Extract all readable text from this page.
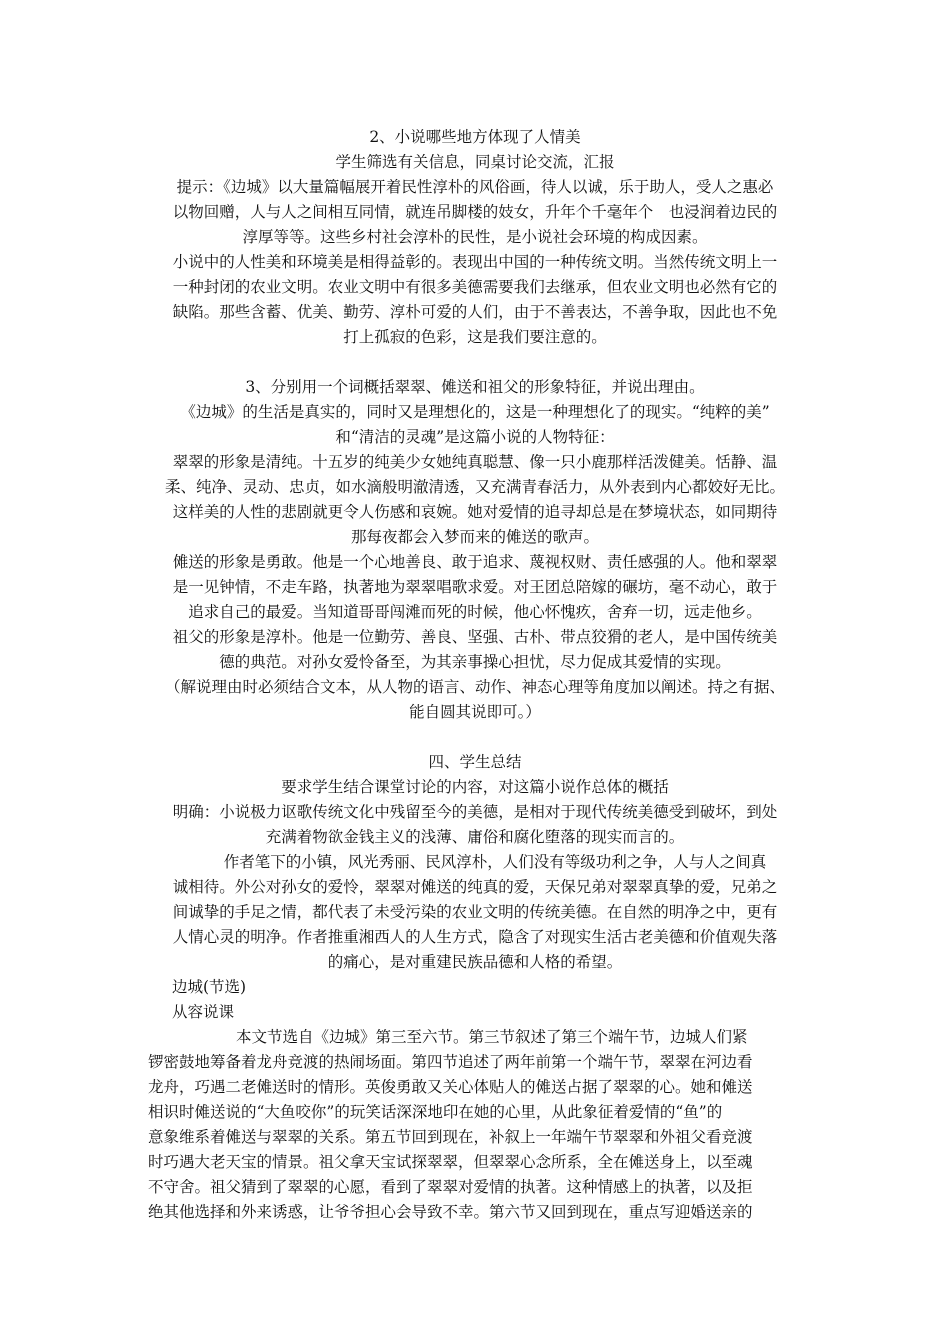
2、小说哪些地方体现了人情美

学生筛选有关信息，同桌讨论交流，汇报

提示：《边城》以大量篇幅展开着民性淳朴的风俗画，待人以诚，乐于助人，受人之惠必

以物回赠，人与人之间相互同情，就连吊脚楼的妓女，升年个千毫年个　也浸润着边民的

淳厚等等。这些乡村社会淳朴的民性，是小说社会环境的构成因素。

小说中的人性美和环境美是相得益彰的。表现出中国的一种传统文明。当然传统文明上一

一种封闭的农业文明。农业文明中有很多美德需要我们去继承，但农业文明也必然有它的

缺陷。那些含蓄、优美、勤劳、淳朴可爱的人们，由于不善表达，不善争取，因此也不免

打上孤寂的色彩，这是我们要注意的。

3、分别用一个词概括翠翠、傩送和祖父的形象特征，并说出理由。

《边城》的生活是真实的，同时又是理想化的，这是一种理想化了的现实。“纯粹的美”

和“清洁的灵魂”是这篇小说的人物特征：

翠翠的形象是清纯。十五岁的纯美少女她纯真聪慧、像一只小鹿那样活泼健美。恬静、温

柔、纯净、灵动、忠贞，如水滴般明澈清透，又充满青春活力，从外表到内心都姣好无比。

这样美的人性的悲剧就更令人伤感和哀婉。她对爱情的追寻却总是在梦境状态，如同期待

那每夜都会入梦而来的傩送的歌声。

傩送的形象是勇敢。他是一个心地善良、敢于追求、蔑视权财、责任感强的人。他和翠翠

是一见钟情，不走车路，执著地为翠翠唱歌求爱。对王团总陪嫁的碾坊，毫不动心，敢于

追求自己的最爱。当知道哥哥闯滩而死的时候，他心怀愧疚，舍弃一切，远走他乡。

祖父的形象是淳朴。他是一位勤劳、善良、坚强、古朴、带点狡猾的老人，是中国传统美

德的典范。对孙女爱怜备至，为其亲事操心担忧，尽力促成其爱情的实现。

（解说理由时必须结合文本，从人物的语言、动作、神态心理等角度加以阐述。持之有据、

能自圆其说即可。）

四、学生总结

要求学生结合课堂讨论的内容，对这篇小说作总体的概括

明确：小说极力讴歌传统文化中残留至今的美德，是相对于现代传统美德受到破坏，到处

充满着物欲金钱主义的浅薄、庸俗和腐化堕落的现实而言的。

作者笔下的小镇，风光秀丽、民风淳朴，人们没有等级功利之争，人与人之间真

诚相待。外公对孙女的爱怜，翠翠对傩送的纯真的爱，天保兄弟对翠翠真挚的爱，兄弟之

间诚挚的手足之情，都代表了未受污染的农业文明的传统美德。在自然的明净之中，更有

人情心灵的明净。作者推重湘西人的人生方式，隐含了对现实生活古老美德和价值观失落

的痛心，是对重建民族品德和人格的希望。

边城(节选)

从容说课

本文节选自《边城》第三至六节。第三节叙述了第三个端午节，边城人们紧

锣密鼓地筹备着龙舟竞渡的热闹场面。第四节追述了两年前第一个端午节，翠翠在河边看

龙舟，巧遇二老傩送时的情形。英俊勇敢又关心体贴人的傩送占据了翠翠的心。她和傩送

相识时傩送说的“大鱼咬你”的玩笑话深深地印在她的心里，从此象征着爱情的“鱼”的

意象维系着傩送与翠翠的关系。第五节回到现在，补叙上一年端午节翠翠和外祖父看竞渡

时巧遇大老天宝的情景。祖父拿天宝试探翠翠，但翠翠心念所系，全在傩送身上，以至魂

不守舍。祖父猜到了翠翠的心愿，看到了翠翠对爱情的执著。这种情感上的执著，以及拒

绝其他选择和外来诱惑，让爷爷担心会导致不幸。第六节又回到现在，重点写迎婚送亲的
